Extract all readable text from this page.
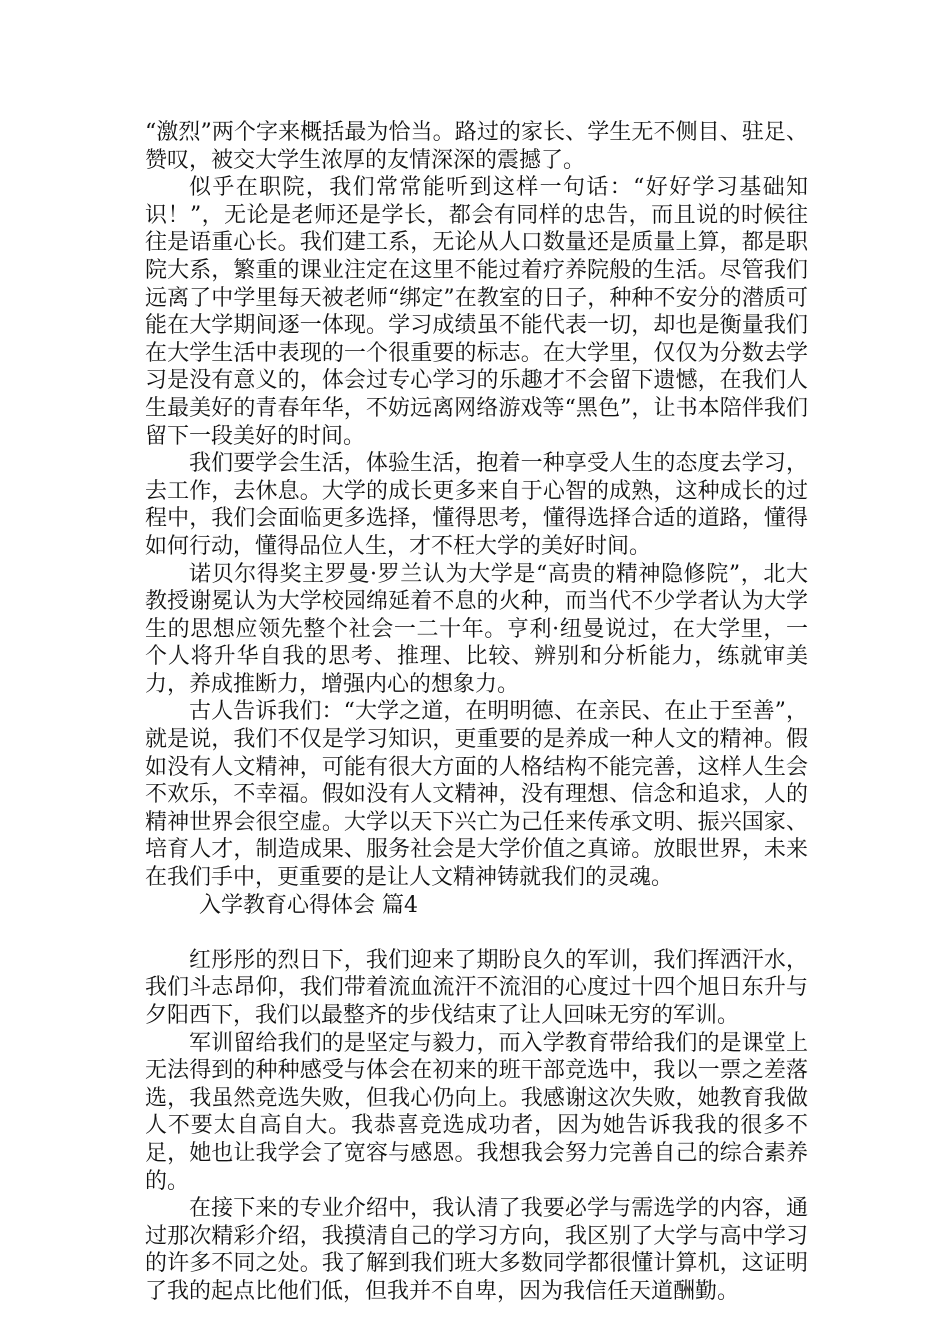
“激烈”两个字来概括最为恰当。路过的家长、学生无不侧目、驻足、赞叹，被交大学生浓厚的友情深深的震撼了。

似乎在职院，我们常常能听到这样一句话：“好好学习基础知识！”，无论是老师还是学长，都会有同样的忠告，而且说的时候往往是语重心长。我们建工系，无论从人口数量还是质量上算，都是职院大系，繁重的课业注定在这里不能过着疗养院般的生活。尽管我们远离了中学里每天被老师“绑定”在教室的日子，种种不安分的潜质可能在大学期间逐一体现。学习成绩虽不能代表一切，却也是衡量我们在大学生活中表现的一个很重要的标志。在大学里，仅仅为分数去学习是没有意义的，体会过专心学习的乐趣才不会留下遗憾，在我们人生最美好的青春年华，不妨远离网络游戏等“黑色”，让书本陪伴我们留下一段美好的时间。

我们要学会生活，体验生活，抱着一种享受人生的态度去学习，去工作，去休息。大学的成长更多来自于心智的成熟，这种成长的过程中，我们会面临更多选择，懂得思考，懂得选择合适的道路，懂得如何行动，懂得品位人生，才不枉大学的美好时间。

诺贝尔得奖主罗曼·罗兰认为大学是“高贵的精神隐修院”，北大教授谢冕认为大学校园绵延着不息的火种，而当代不少学者认为大学生的思想应领先整个社会一二十年。亨利·纽曼说过，在大学里，一个人将升华自我的思考、推理、比较、辨别和分析能力，练就审美力，养成推断力，增强内心的想象力。

古人告诉我们：“大学之道，在明明德、在亲民、在止于至善”，就是说，我们不仅是学习知识，更重要的是养成一种人文的精神。假如没有人文精神，可能有很大方面的人格结构不能完善，这样人生会不欢乐，不幸福。假如没有人文精神，没有理想、信念和追求，人的精神世界会很空虚。大学以天下兴亡为己任来传承文明、振兴国家、培育人才，制造成果、服务社会是大学价值之真谛。放眼世界，未来在我们手中，更重要的是让人文精神铸就我们的灵魂。

入学教育心得体会 篇4

红彤彤的烈日下，我们迎来了期盼良久的军训，我们挥洒汗水，我们斗志昂仰，我们带着流血流汗不流泪的心度过十四个旭日东升与夕阳西下，我们以最整齐的步伐结束了让人回味无穷的军训。

军训留给我们的是坚定与毅力，而入学教育带给我们的是课堂上无法得到的种种感受与体会在初来的班干部竞选中，我以一票之差落选，我虽然竞选失败，但我心仍向上。我感谢这次失败，她教育我做人不要太自高自大。我恭喜竞选成功者，因为她告诉我我的很多不足，她也让我学会了宽容与感恩。我想我会努力完善自己的综合素养的。

在接下来的专业介绍中，我认清了我要必学与需选学的内容，通过那次精彩介绍，我摸清自己的学习方向，我区别了大学与高中学习的许多不同之处。我了解到我们班大多数同学都很懂计算机，这证明了我的起点比他们低，但我并不自卑，因为我信任天道酬勤。
